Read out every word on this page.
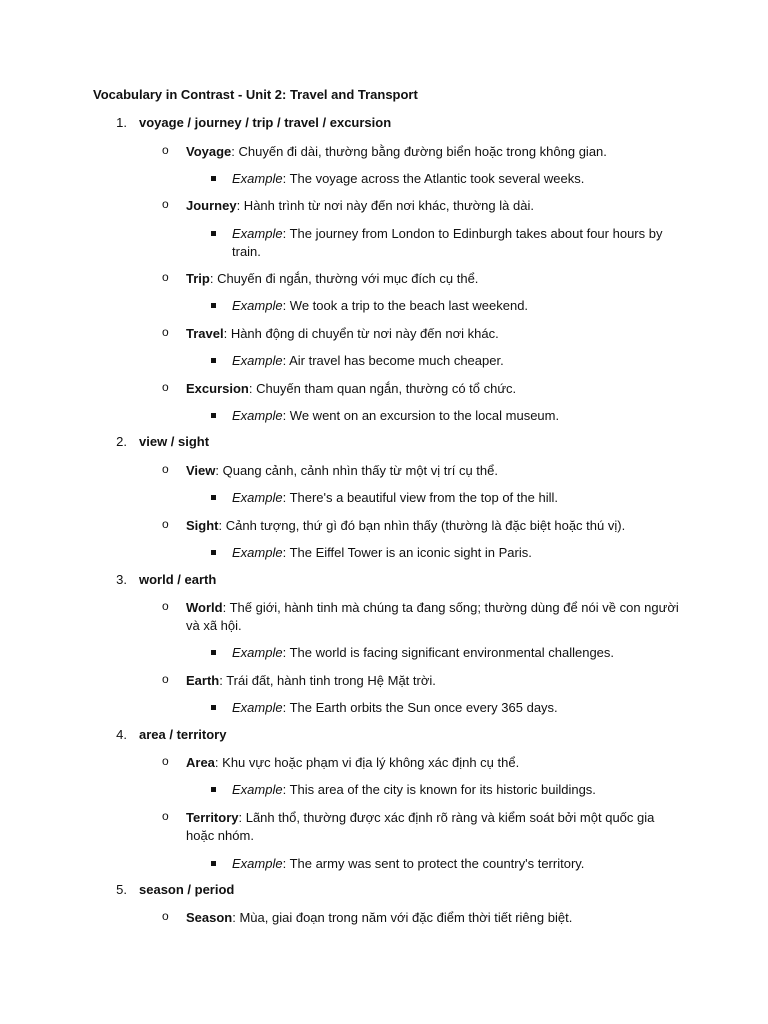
Vocabulary in Contrast - Unit 2: Travel and Transport
1. voyage / journey / trip / travel / excursion
o Voyage: Chuyến đi dài, thường bằng đường biển hoặc trong không gian.
Example: The voyage across the Atlantic took several weeks.
o Journey: Hành trình từ nơi này đến nơi khác, thường là dài.
Example: The journey from London to Edinburgh takes about four hours by train.
o Trip: Chuyến đi ngắn, thường với mục đích cụ thể.
Example: We took a trip to the beach last weekend.
o Travel: Hành động di chuyển từ nơi này đến nơi khác.
Example: Air travel has become much cheaper.
o Excursion: Chuyến tham quan ngắn, thường có tổ chức.
Example: We went on an excursion to the local museum.
2. view / sight
o View: Quang cảnh, cảnh nhìn thấy từ một vị trí cụ thể.
Example: There's a beautiful view from the top of the hill.
o Sight: Cảnh tượng, thứ gì đó bạn nhìn thấy (thường là đặc biệt hoặc thú vị).
Example: The Eiffel Tower is an iconic sight in Paris.
3. world / earth
o World: Thế giới, hành tinh mà chúng ta đang sống; thường dùng để nói về con người và xã hội.
Example: The world is facing significant environmental challenges.
o Earth: Trái đất, hành tinh trong Hệ Mặt trời.
Example: The Earth orbits the Sun once every 365 days.
4. area / territory
o Area: Khu vực hoặc phạm vi địa lý không xác định cụ thể.
Example: This area of the city is known for its historic buildings.
o Territory: Lãnh thổ, thường được xác định rõ ràng và kiểm soát bởi một quốc gia hoặc nhóm.
Example: The army was sent to protect the country's territory.
5. season / period
o Season: Mùa, giai đoạn trong năm với đặc điểm thời tiết riêng biệt.
